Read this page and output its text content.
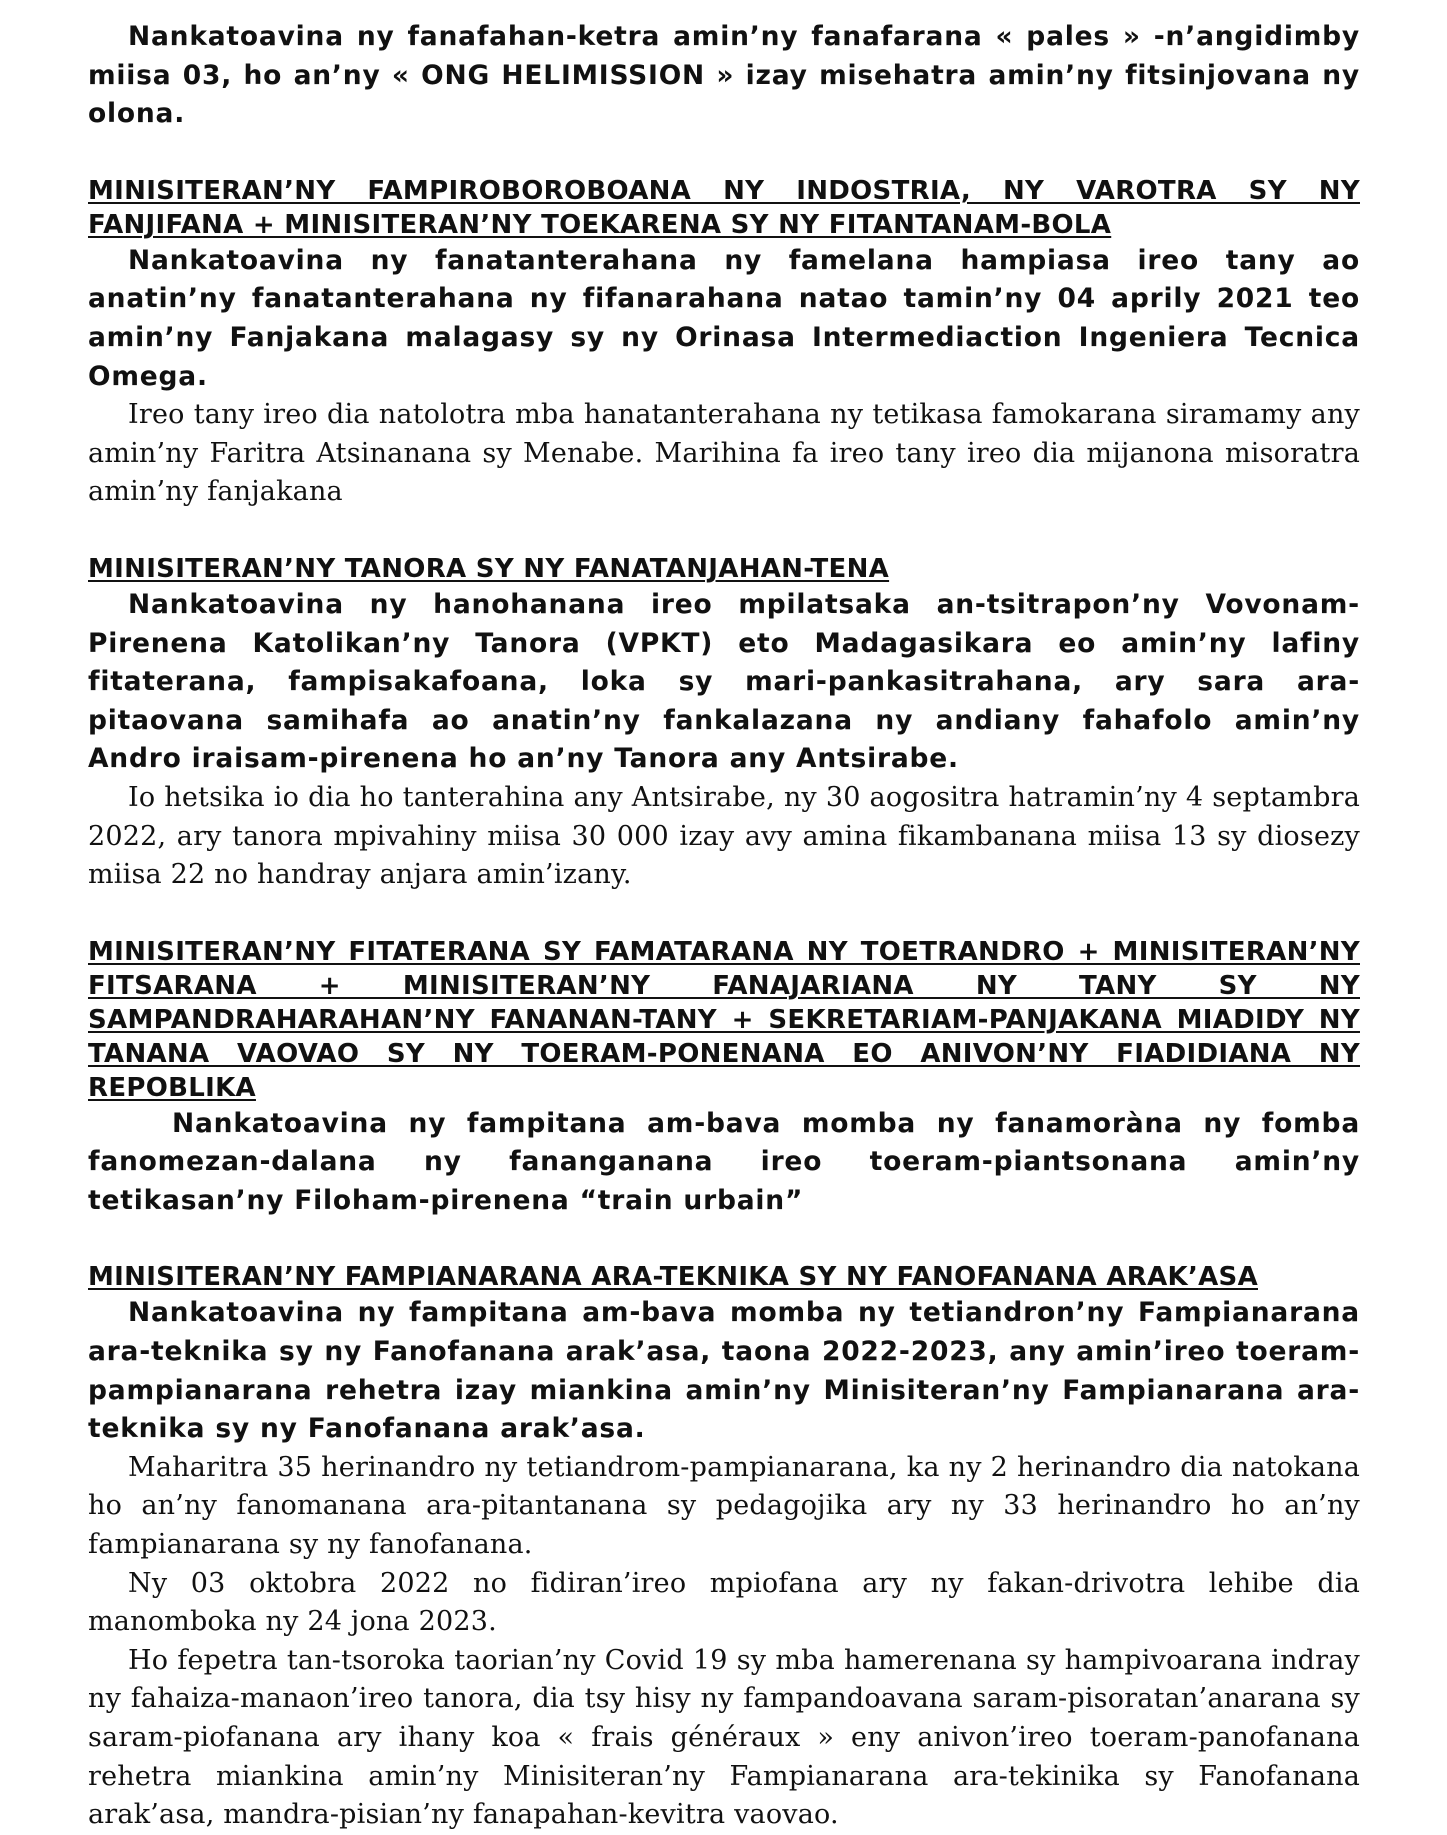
Nankatoavina ny fanafahan-ketra amin’ny fanafarana « pales » -n’angidimby miisa 03, ho an’ny « ONG HELIMISSION » izay misehatra amin’ny fitsinjovana ny olona.

MINISITERAN’NY FAMPIROBOROBOANA NY INDOSTRIA, NY VAROTRA SY NY FANJIFANA + MINISITERAN’NY TOEKARENA SY NY FITANTANAM-BOLA

Nankatoavina ny fanatanterahana ny famelana hampiasa ireo tany ao anatin’ny fanatanterahana ny fifanarahana natao tamin’ny 04 aprily 2021 teo amin’ny Fanjakana malagasy sy ny Orinasa Intermediaction Ingeniera Tecnica Omega.

Ireo tany ireo dia natolotra mba hanatanterahana ny tetikasa famokarana siramamy any amin’ny Faritra Atsinanana sy Menabe. Marihina fa ireo tany ireo dia mijanona misoratra amin’ny fanjakana

MINISITERAN’NY TANORA SY NY FANATANJAHAN-TENA

Nankatoavina ny hanohanana ireo mpilatsaka an-tsitrapon’ny Vovonam-Pirenena Katolikan’ny Tanora (VPKT) eto Madagasikara eo amin’ny lafiny fitaterana, fampisakafoana, loka sy mari-pankasitrahana, ary sara ara-pitaovana samihafa ao anatin’ny fankalazana ny andiany fahafolo amin’ny Andro iraisam-pirenena ho an’ny Tanora any Antsirabe.

Io hetsika io dia ho tanterahina any Antsirabe, ny 30 aogositra hatramin’ny 4 septambra 2022, ary tanora mpivahiny miisa 30 000 izay avy amina fikambanana miisa 13 sy diosezy miisa 22 no handray anjara amin’izany.

MINISITERAN’NY FITATERANA SY FAMATARANA NY TOETRANDRO + MINISITERAN’NY FITSARANA + MINISITERAN’NY FANAJARIANA NY TANY SY NY SAMPANDRAHARAHAN’NY FANANAN-TANY + SEKRETARIAM-PANJAKANA MIADIDY NY TANANA VAOVAO SY NY TOERAM-PONENANA EO ANIVON’NY FIADIDIANA NY REPOBLIKA

Nankatoavina ny fampitana am-bava momba ny fanamoràna ny fomba fanomezan-dalana ny fananganana ireo toeram-piantsonana amin’ny tetikasan’ny Filoham-pirenena “train urbain”

MINISITERAN’NY FAMPIANARANA ARA-TEKNIKA SY NY FANOFANANA ARAK’ASA

Nankatoavina ny fampitana am-bava momba ny tetiandron’ny Fampianarana ara-teknika sy ny Fanofanana arak’asa, taona 2022-2023, any amin’ireo toeram-pampianarana rehetra izay miankina amin’ny Minisiteran’ny Fampianarana ara-teknika sy ny Fanofanana arak’asa.

Maharitra 35 herinandro ny tetiandrom-pampianarana, ka ny 2 herinandro dia natokana ho an’ny fanomanana ara-pitantanana sy pedagojika ary ny 33 herinandro ho an’ny fampianarana sy ny fanofanana.

Ny 03 oktobra 2022 no fidiran’ireo mpiofana ary ny fakan-drivotra lehibe dia manomboka ny 24 jona 2023.

Ho fepetra tan-tsoroka taorian’ny Covid 19 sy mba hamerenana sy hampivoarana indray ny fahaiza-manaon’ireo tanora, dia tsy hisy ny fampandoavana saram-pisoratan’anarana sy saram-piofanana ary ihany koa « frais généraux » eny anivon’ireo toeram-panofanana rehetra miankina amin’ny Minisiteran’ny Fampianarana ara-tekinika sy Fanofanana arak’asa, mandra-pisian’ny fanapahan-kevitra vaovao.
